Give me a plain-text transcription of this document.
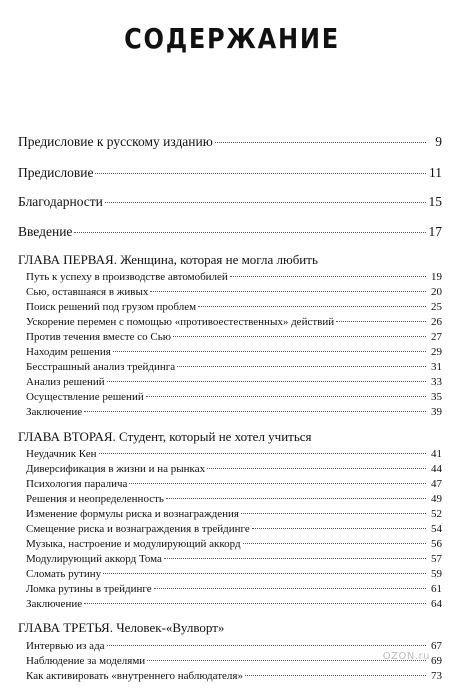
СОДЕРЖАНИЕ
Предисловие к русскому изданию	9
Предисловие	11
Благодарности	15
Введение	17
ГЛАВА ПЕРВАЯ. Женщина, которая не могла любить
Путь к успеху в производстве автомобилей	19
Сью, оставшаяся в живых	20
Поиск решений под грузом проблем	25
Ускорение перемен с помощью «противоестественных» действий	26
Против течения вместе со Сью	27
Находим решения	29
Бесстрашный анализ трейдинга	31
Анализ решений	33
Осуществление решений	35
Заключение	39
ГЛАВА ВТОРАЯ. Студент, который не хотел учиться
Неудачник Кен	41
Диверсификация в жизни и на рынках	44
Психология паралича	47
Решения и неопределенность	49
Изменение формулы риска и вознаграждения	52
Смещение риска и вознаграждения в трейдинге	54
Музыка, настроение и модулирующий аккорд	56
Модулирующий аккорд Тома	57
Сломать рутину	59
Ломка рутины в трейдинге	61
Заключение	64
ГЛАВА ТРЕТЬЯ. Человек-«Вулворт»
Интервью из ада	67
Наблюдение за моделями	69
Как активировать «внутреннего наблюдателя»	73
OZON.ru
